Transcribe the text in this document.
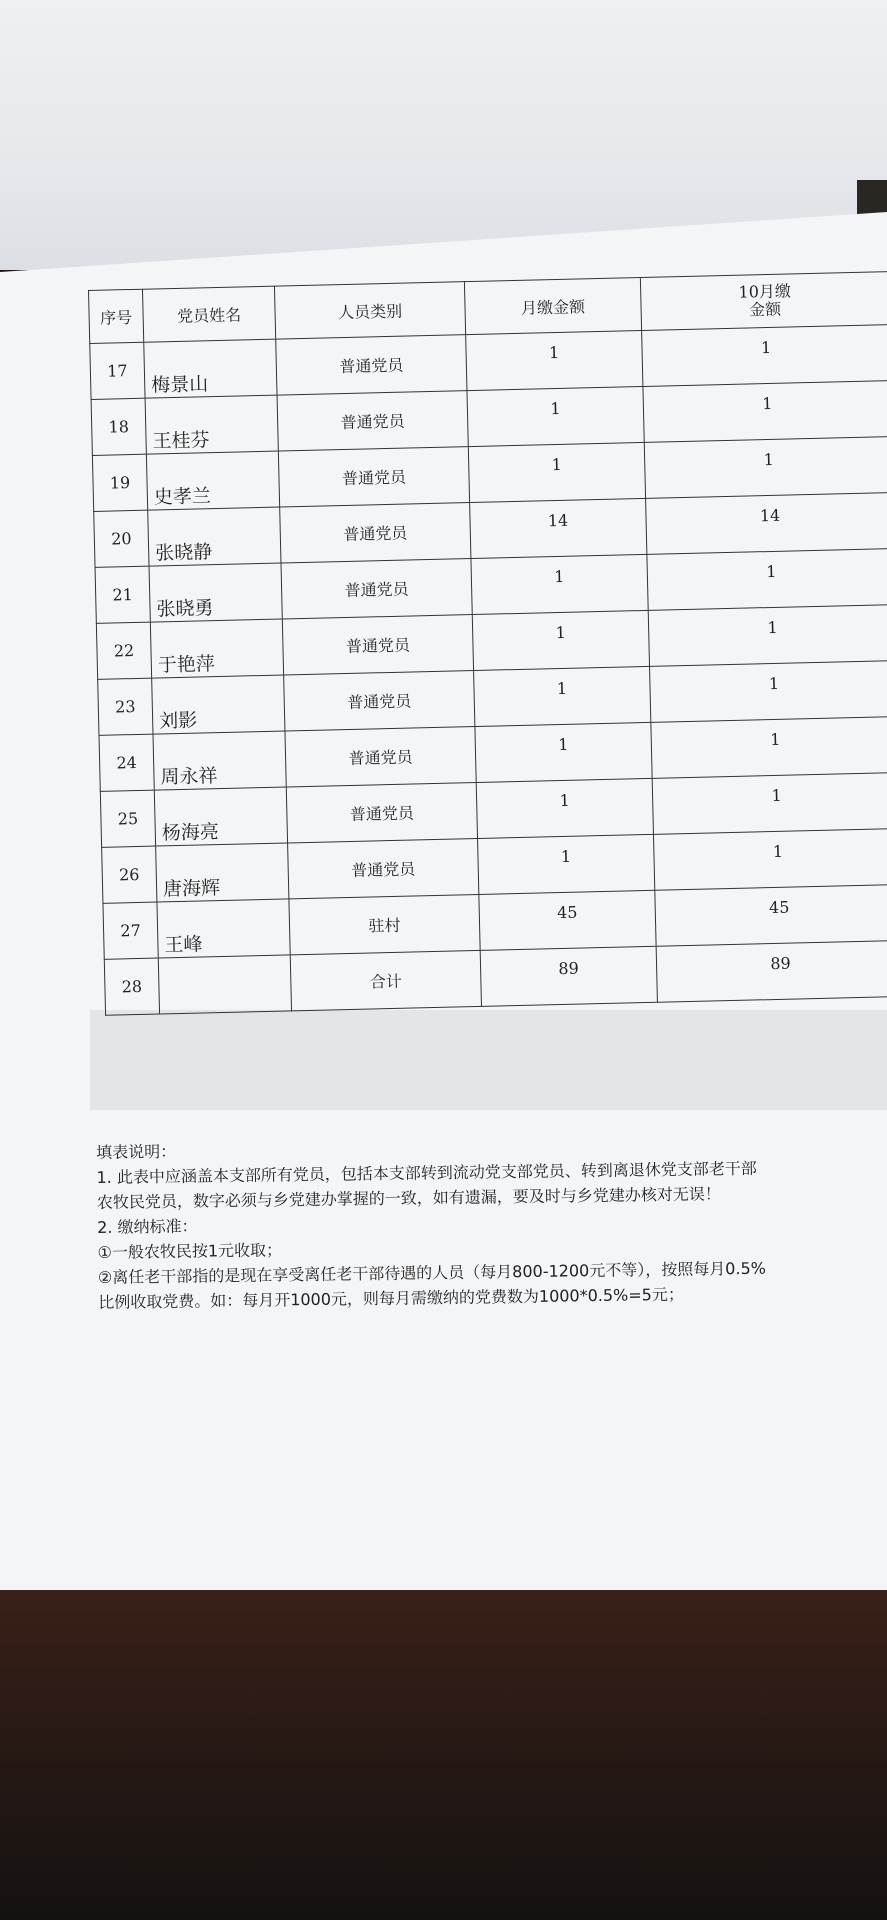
序号	党员姓名	人员类别	月缴金额	10月缴
金额

17	梅景山	普通党员	1	1

18	王桂芬	普通党员	1	1

19	史孝兰	普通党员	1	1

20	张晓静	普通党员	14	14

21	张晓勇	普通党员	1	1

22	于艳萍	普通党员	1	1

23	刘影	普通党员	1	1

24	周永祥	普通党员	1	1

25	杨海亮	普通党员	1	1

26	唐海辉	普通党员	1	1

27	王峰	驻村	45	45

28		合计	89	89
填表说明：
1. 此表中应涵盖本支部所有党员，包括本支部转到流动党支部党员、转到离退休党支部老干部
农牧民党员，数字必须与乡党建办掌握的一致，如有遗漏，要及时与乡党建办核对无误！
2. 缴纳标准：
①一般农牧民按1元收取；
②离任老干部指的是现在享受离任老干部待遇的人员（每月800-1200元不等），按照每月0.5%
比例收取党费。如：每月开1000元，则每月需缴纳的党费数为1000*0.5%=5元；
